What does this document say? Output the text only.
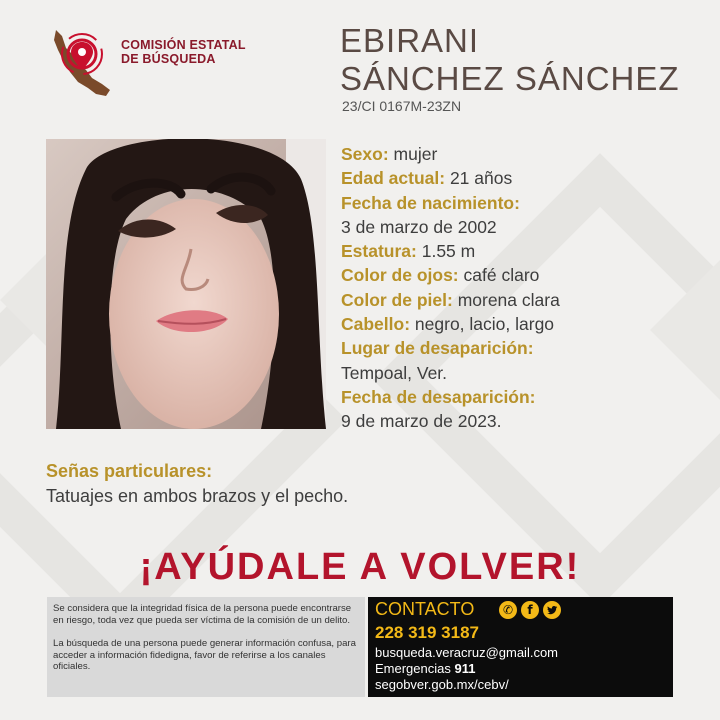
COMISIÓN ESTATAL
DE BÚSQUEDA	EBIRANI
SÁNCHEZ SÁNCHEZ
23/CI 0167M-23ZN
Sexo: mujer
Edad actual: 21 años
Fecha de nacimiento:
3 de marzo de 2002
Estatura: 1.55 m
Color de ojos: café claro
Color de piel: morena clara
Cabello: negro, lacio, largo
Lugar de desaparición:
Tempoal, Ver.
Fecha de desaparición:
9 de marzo de 2023.
Señas particulares:
Tatuajes en ambos brazos y el pecho.
¡AYÚDALE A VOLVER!

Se considera que la integridad física de la persona puede encontrarse en riesgo, toda vez que pueda ser víctima de la comisión de un delito.

La búsqueda de una persona puede generar información confusa, para acceder a información fidedigna, favor de referirse a los canales oficiales.

CONTACTO	✆	f
228 319 3187
busqueda.veracruz@gmail.com
Emergencias 911
segobver.gob.mx/cebv/
